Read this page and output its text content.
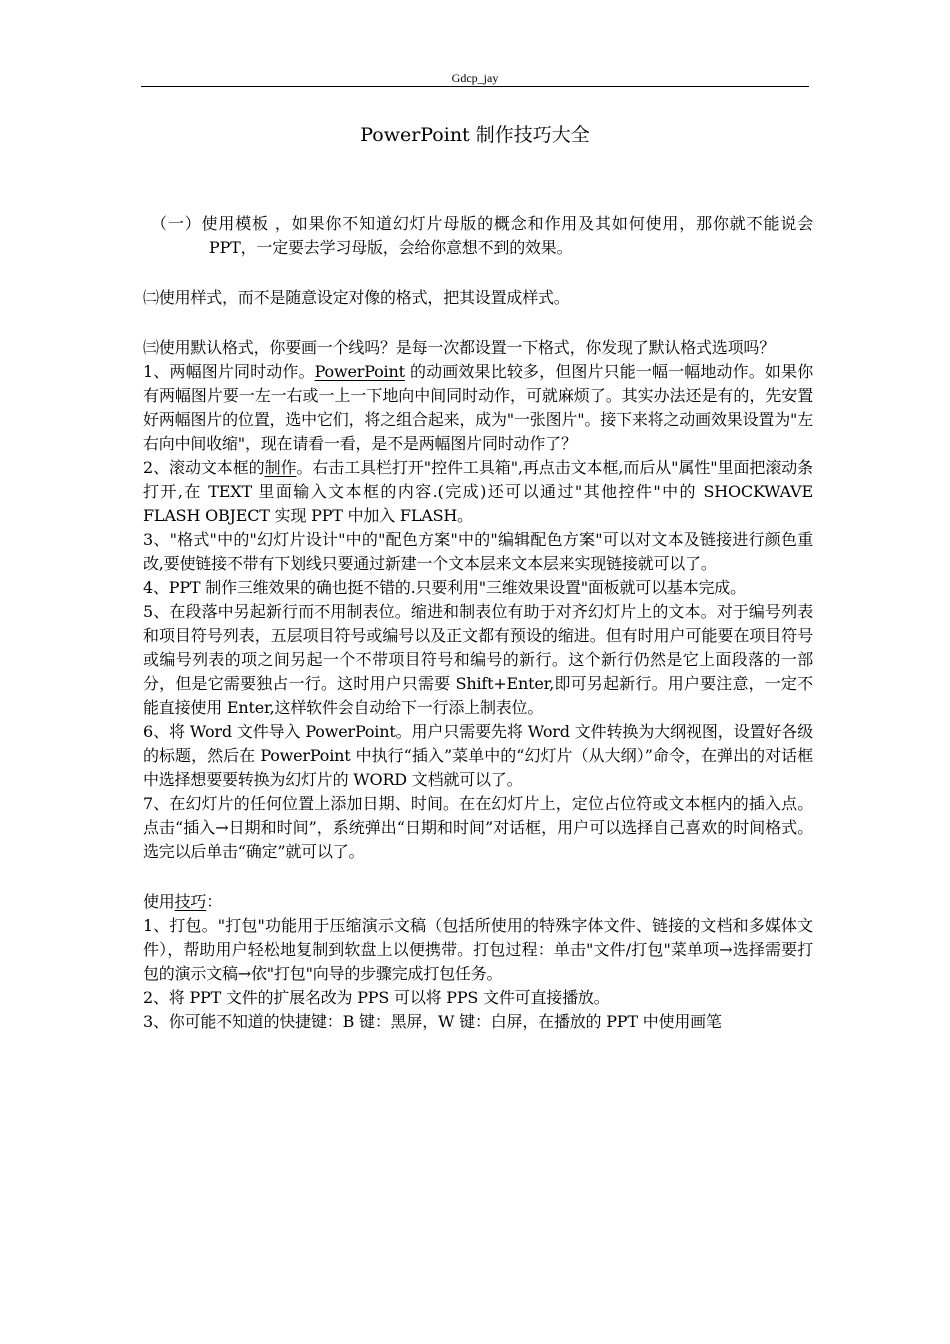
Gdcp_jay
PowerPoint 制作技巧大全

（一）使用模板 ，如果你不知道幻灯片母版的概念和作用及其如何使用，那你就不能说会 PPT，一定要去学习母版，会给你意想不到的效果。

㈡使用样式，而不是随意设定对像的格式，把其设置成样式。

㈢使用默认格式，你要画一个线吗？是每一次都设置一下格式，你发现了默认格式选项吗？

1、两幅图片同时动作。PowerPoint 的动画效果比较多，但图片只能一幅一幅地动作。如果你有两幅图片要一左一右或一上一下地向中间同时动作，可就麻烦了。其实办法还是有的，先安置好两幅图片的位置，选中它们，将之组合起来，成为"一张图片"。接下来将之动画效果设置为"左右向中间收缩"，现在请看一看，是不是两幅图片同时动作了？

2、滚动文本框的制作。右击工具栏打开"控件工具箱",再点击文本框,而后从"属性"里面把滚动条打开,在 TEXT 里面输入文本框的内容.(完成)还可以通过"其他控件"中的 SHOCKWAVE FLASH OBJECT 实现 PPT 中加入 FLASH。

3、"格式"中的"幻灯片设计"中的"配色方案"中的"编辑配色方案"可以对文本及链接进行颜色重改,要使链接不带有下划线只要通过新建一个文本层来文本层来实现链接就可以了。

4、PPT 制作三维效果的确也挺不错的.只要利用"三维效果设置"面板就可以基本完成。

5、在段落中另起新行而不用制表位。缩进和制表位有助于对齐幻灯片上的文本。对于编号列表和项目符号列表，五层项目符号或编号以及正文都有预设的缩进。但有时用户可能要在项目符号或编号列表的项之间另起一个不带项目符号和编号的新行。这个新行仍然是它上面段落的一部分，但是它需要独占一行。这时用户只需要 Shift+Enter,即可另起新行。用户要注意，一定不能直接使用 Enter,这样软件会自动给下一行添上制表位。

6、将 Word 文件导入 PowerPoint。用户只需要先将 Word 文件转换为大纲视图，设置好各级的标题，然后在 PowerPoint 中执行“插入”菜单中的“幻灯片（从大纲）”命令，在弹出的对话框中选择想要要转换为幻灯片的 WORD 文档就可以了。

7、在幻灯片的任何位置上添加日期、时间。在在幻灯片上，定位占位符或文本框内的插入点。点击“插入→日期和时间”，系统弹出“日期和时间”对话框，用户可以选择自己喜欢的时间格式。选完以后单击“确定”就可以了。

使用技巧：

1、打包。"打包"功能用于压缩演示文稿（包括所使用的特殊字体文件、链接的文档和多媒体文件），帮助用户轻松地复制到软盘上以便携带。打包过程：单击"文件/打包"菜单项→选择需要打包的演示文稿→依"打包"向导的步骤完成打包任务。

2、将 PPT 文件的扩展名改为 PPS 可以将 PPS 文件可直接播放。

3、你可能不知道的快捷键：B 键：黑屏，W 键：白屏，在播放的 PPT 中使用画笔
